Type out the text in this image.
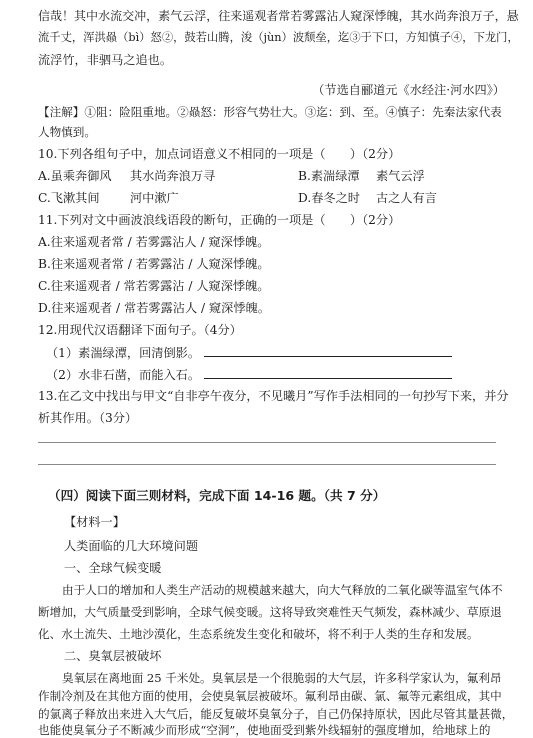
信哉！其中水流交冲，素气云浮，往来遥观者常若雾露沾人窥深悸魄，其水尚奔浪万子，悬
流千丈，浑洪赑（bì）怒②，鼓若山腾，浚（jùn）波颓垒，迄③于下口，方知慎子④，下龙门，
流浮竹，非驷马之追也。
（节选自郦道元《水经注·河水四》）
【注解】①阻：险阻重地。②赑怒：形容气势壮大。③迄：到、至。④慎子：先秦法家代表
人物慎到。
10.下列各组句子中，加点词语意义不相同的一项是（　　）（2分）
A.虽乘奔御风 其水尚奔浪万寻	B.素湍绿潭 素气云浮
C.飞漱其间 河中漱广	D.春冬之时 古之人有言
11.下列对文中画波浪线语段的断句，正确的一项是（　　）（2分）
A.往来遥观者常 / 若雾露沾人 / 窥深悸魄。
B.往来遥观者常 / 若雾露沾 / 人窥深悸魄。
C.往来遥观者 / 常若雾露沾 / 人窥深悸魄。
D.往来遥观者 / 常若雾露沾人 / 窥深悸魄。
12.用现代汉语翻译下面句子。（4分）
（1）素湍绿潭，回清倒影。
（2）水非石凿，而能入石。
13.在乙文中找出与甲文“自非亭午夜分，不见曦月”写作手法相同的一句抄写下来，并分
析其作用。（3分）
（四）阅读下面三则材料，完成下面 14-16 题。（共 7 分）
【材料一】
人类面临的几大环境问题
一、全球气候变暖
由于人口的增加和人类生产活动的规模越来越大，向大气释放的二氧化碳等温室气体不
断增加，大气质量受到影响，全球气候变暖。这将导致突难性天气频发，森林减少、草原退
化、水土流失、土地沙漠化，生态系统发生变化和破坏，将不利于人类的生存和发展。
二、臭氧层被破坏
臭氧层在离地面 25 千米处。臭氧层是一个很脆弱的大气层，许多科学家认为，氟利昂
作制冷剂及在其他方面的使用，会使臭氧层被破坏。氟利昂由碳、氯、氟等元素组成，其中
的氯离子释放出来进入大气后，能反复破坏臭氧分子，自己仍保持原状，因此尽管其量甚微，
也能使臭氧分子不断减少而形成“空洞”，使地面受到紫外线辐射的强度增加，给地球上的
